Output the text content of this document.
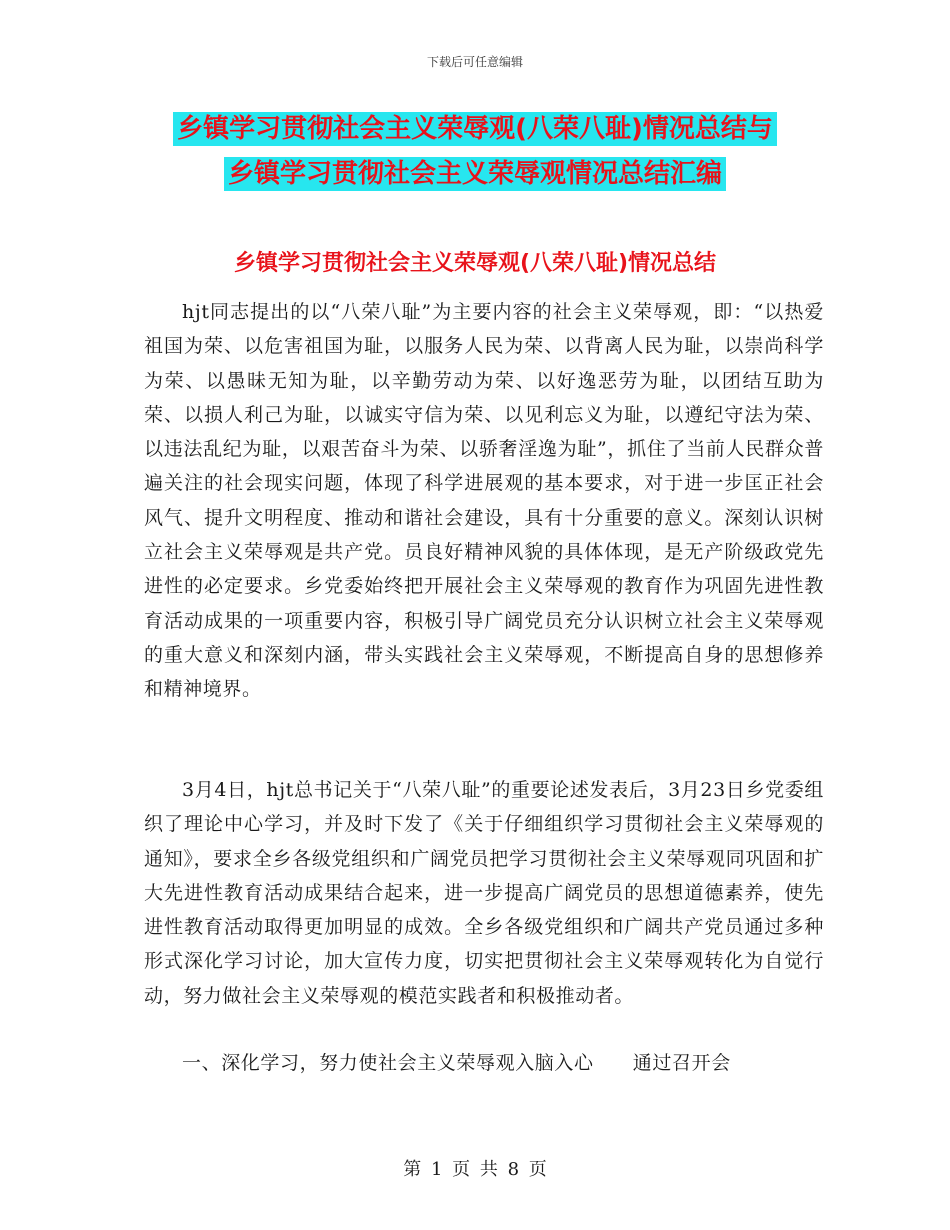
下载后可任意编辑
乡镇学习贯彻社会主义荣辱观(八荣八耻)情况总结与
乡镇学习贯彻社会主义荣辱观情况总结汇编
乡镇学习贯彻社会主义荣辱观(八荣八耻)情况总结
hjt同志提出的以“八荣八耻”为主要内容的社会主义荣辱观，即：“以热爱祖国为荣、以危害祖国为耻，以服务人民为荣、以背离人民为耻，以崇尚科学为荣、以愚昧无知为耻，以辛勤劳动为荣、以好逸恶劳为耻，以团结互助为荣、以损人利己为耻，以诚实守信为荣、以见利忘义为耻，以遵纪守法为荣、以违法乱纪为耻，以艰苦奋斗为荣、以骄奢淫逸为耻”，抓住了当前人民群众普遍关注的社会现实问题，体现了科学进展观的基本要求，对于进一步匡正社会风气、提升文明程度、推动和谐社会建设，具有十分重要的意义。深刻认识树立社会主义荣辱观是共产党。员良好精神风貌的具体体现，是无产阶级政党先进性的必定要求。乡党委始终把开展社会主义荣辱观的教育作为巩固先进性教育活动成果的一项重要内容，积极引导广阔党员充分认识树立社会主义荣辱观的重大意义和深刻内涵，带头实践社会主义荣辱观，不断提高自身的思想修养和精神境界。
3月4日，hjt总书记关于“八荣八耻”的重要论述发表后，3月23日乡党委组织了理论中心学习，并及时下发了《关于仔细组织学习贯彻社会主义荣辱观的通知》，要求全乡各级党组织和广阔党员把学习贯彻社会主义荣辱观同巩固和扩大先进性教育活动成果结合起来，进一步提高广阔党员的思想道德素养，使先进性教育活动取得更加明显的成效。全乡各级党组织和广阔共产党员通过多种形式深化学习讨论，加大宣传力度，切实把贯彻社会主义荣辱观转化为自觉行动，努力做社会主义荣辱观的模范实践者和积极推动者。
一、深化学习，努力使社会主义荣辱观入脑入心　　通过召开会
第 1 页 共 8 页
